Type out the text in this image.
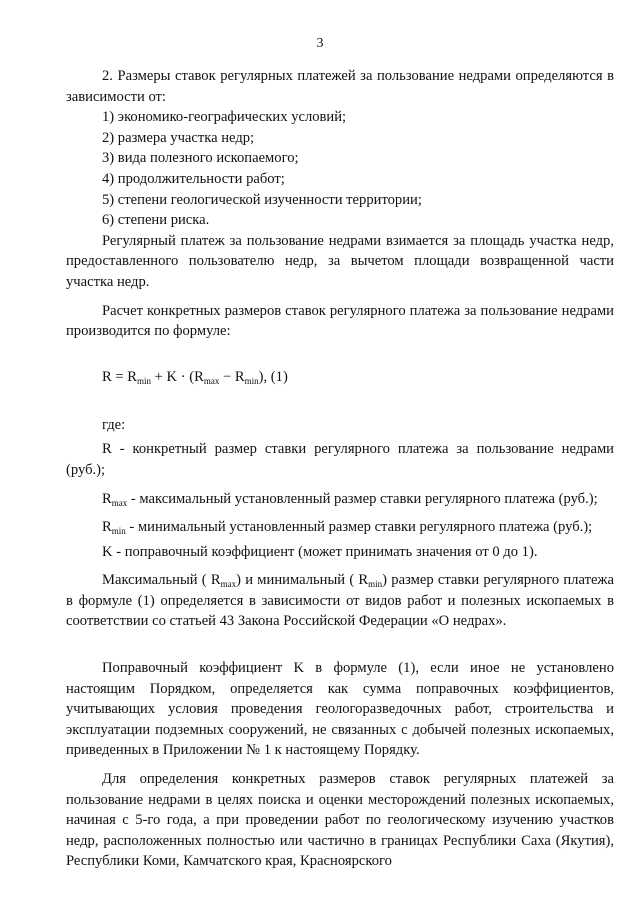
3

2. Размеры ставок регулярных платежей за пользование недрами определяются в зависимости от:

1) экономико-географических условий;

2) размера участка недр;

3) вида полезного ископаемого;

4) продолжительности работ;

5) степени геологической изученности территории;

6) степени риска.

Регулярный платеж за пользование недрами взимается за площадь участка недр, предоставленного пользователю недр, за вычетом площади возвращенной части участка недр.

Расчет конкретных размеров ставок регулярного платежа за пользование недрами производится по формуле:

$R = R_{min} + K \cdot (R_{max} - R_{min})$, (1)

где:

R - конкретный размер ставки регулярного платежа за пользование недрами (руб.);

$R_{max}$ - максимальный установленный размер ставки регулярного платежа (руб.);

$R_{min}$ - минимальный установленный размер ставки регулярного платежа (руб.);

K - поправочный коэффициент (может принимать значения от 0 до 1).

Максимальный ( $R_{max}$) и минимальный ( $R_{min}$) размер ставки регулярного платежа в формуле (1) определяется в зависимости от видов работ и полезных ископаемых в соответствии со статьей 43 Закона Российской Федерации «О недрах».

Поправочный коэффициент K в формуле (1), если иное не установлено настоящим Порядком, определяется как сумма поправочных коэффициентов, учитывающих условия проведения геологоразведочных работ, строительства и эксплуатации подземных сооружений, не связанных с добычей полезных ископаемых, приведенных в Приложении № 1 к настоящему Порядку.

Для определения конкретных размеров ставок регулярных платежей за пользование недрами в целях поиска и оценки месторождений полезных ископаемых, начиная с 5-го года, а при проведении работ по геологическому изучению участков недр, расположенных полностью или частично в границах Республики Саха (Якутия), Республики Коми, Камчатского края, Красноярского
